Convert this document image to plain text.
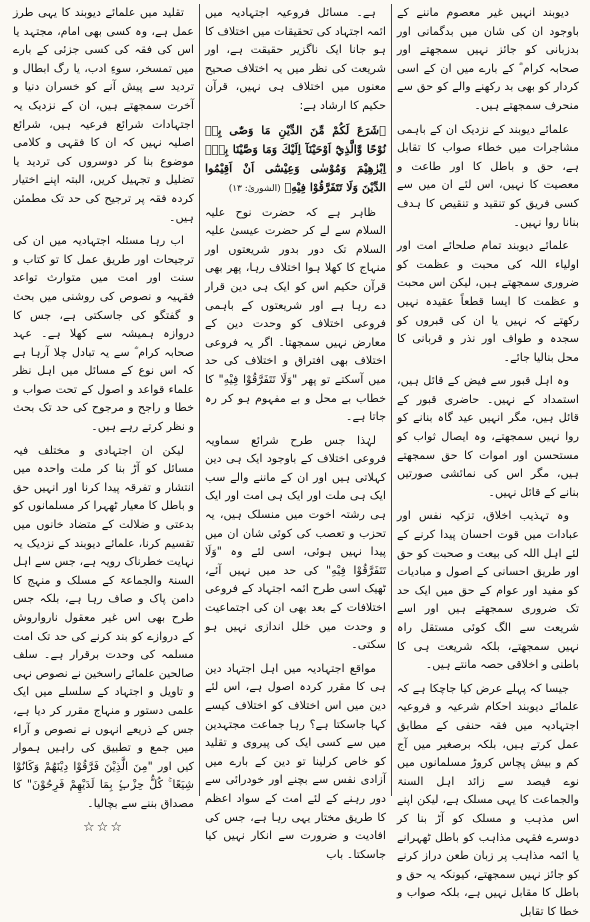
دیوبند انہیں غیر معصوم ماننے کے باوجود ان کی شان میں بدگمانی اور بدزبانی کو جائز نہیں سمجھتے اور صحابہ کرام ؓ کے بارے میں ان کے اسی کردار کو بھی بد رکھنے والے کو حق سے منحرف سمجھتے ہیں۔

علمائے دیوبند کے نزدیک ان کے باہمی مشاجرات میں خطاء صواب کا تقابل ہے، حق و باطل کا اور طاعت و معصیت کا نہیں، اس لئے ان میں سے کسی فریق کو تنقید و تنقیص کا ہدف بنانا روا نہیں۔

علمائے دیوبند تمام صلحائے امت اور اولیاء اللہ کی محبت و عظمت کو ضروری سمجھتے ہیں، لیکن اس محبت و عظمت کا ایسا قطعاً عقیدہ نہیں رکھتے کہ نہیں یا ان کی قبروں کو سجدہ و طواف اور نذر و قربانی کا محل بنالیا جائے۔

وہ اہل قبور سے فیض کے قائل ہیں، استمداد کے نہیں۔ حاضری قبور کے قائل ہیں، مگر انہیں عید گاہ بنانے کو روا نہیں سمجھتے، وہ ایصال ثواب کو مستحسن اور اموات کا حق سمجھتے ہیں، مگر اس کی نمائشی صورتیں بنانے کے قائل نہیں۔

وہ تہذیب اخلاق، تزکیہ نفس اور عبادات میں قوت احسان پیدا کرنے کے لئے اہل اللہ کی بیعت و صحبت کو حق اور طریق احسانی کے اصول و مبادیات کو مفید اور عوام کے حق میں ایک حد تک ضروری سمجھتے ہیں اور اسے شریعت سے الگ کوئی مستقل راہ نہیں سمجھتے، بلکہ شریعت ہی کا باطنی و اخلاقی حصہ مانتے ہیں۔

جیسا کہ پہلے عرض کیا جاچکا ہے کہ علمائے دیوبند احکام شرعیہ و فروعیہ اجتہادیہ میں فقہ حنفی کے مطابق عمل کرتے ہیں، بلکہ برصغیر میں آج کم و بیش پچاس کروڑ مسلمانوں میں نوے فیصد سے زائد اہل السنۃ والجماعت کا یہی مسلک ہے، لیکن اپنے اس مذہب و مسلک کو آڑ بنا کر دوسرے فقہی مذاہب کو باطل ٹھہرانے یا ائمہ مذاہب پر زبان طعن دراز کرنے کو جائز نہیں سمجھتے، کیونکہ یہ حق و باطل کا مقابل نہیں ہے، بلکہ صواب و خطا کا تقابل

ہے۔ مسائل فروعیہ اجتہادیہ میں ائمہ اجتہاد کی تحقیقات میں اختلاف کا ہو جانا ایک ناگزیر حقیقت ہے، اور شریعت کی نظر میں یہ اختلاف صحیح معنوں میں اختلاف ہی نہیں، قرآن حکیم کا ارشاد ہے:

﴿شَرَعَ لَكُمْ مِّنَ الدِّيْنِ مَا وَصّٰى بِهٖ نُوْحًا وَّالَّذِيْٓ اَوْحَيْنَآ اِلَيْكَ وَمَا وَصَّيْنَا بِهٖٓ اِبْرٰهِيْمَ وَمُوْسٰى وَعِيْسٰٓى اَنْ اَقِيْمُوا الدِّيْنَ وَلَا تَتَفَرَّقُوْا فِيْهِ﴾ (الشوریٰ: ۱۳)

ظاہر ہے کہ حضرت نوح علیہ السلام سے لے کر حضرت عیسیٰ علیہ السلام تک دور بدور شریعتوں اور منہاج کا کھلا ہوا اختلاف رہا، پھر بھی قرآن حکیم اس کو ایک ہی دین قرار دے رہا ہے اور شریعتوں کے باہمی فروعی اختلاف کو وحدت دین کے معارض نہیں سمجھتا۔ اگر یہ فروعی اختلاف بھی افتراق و اختلاف کی حد میں آسکتے تو پھر "وَلَا تَتَفَرَّقُوْا فِيْهِ" کا خطاب بے محل و بے مفہوم ہو کر رہ جاتا ہے۔

لہٰذا جس طرح شرائع سماویہ فروعی اختلاف کے باوجود ایک ہی دین کہلاتی ہیں اور ان کے ماننے والے سب ایک ہی ملت اور ایک ہی امت اور ایک ہی رشتہ اخوت میں منسلک ہیں، یہ تحزب و تعصب کی کوئی شان ان میں پیدا نہیں ہوئی، اسی لئے وہ "وَلَا تَتَفَرَّقُوْا فِيْهِ" کی حد میں نہیں آئے، ٹھیک اسی طرح ائمہ اجتہاد کے فروعی اختلافات کے بعد بھی ان کی اجتماعیت و وحدت میں خلل اندازی نہیں ہو سکتی۔

مواقع اجتہادیہ میں اہل اجتہاد دین ہی کا مقرر کردہ اصول ہے، اس لئے دین میں اس اختلاف کو اختلاف کیسے کہا جاسکتا ہے؟ رہا جماعت مجتہدین میں سے کسی ایک کی پیروی و تقلید کو خاص کرلینا تو دین کے بارے میں آزادی نفس سے بچنے اور خودرائی سے دور رہنے کے لئے امت کے سواد اعظم کا طریق مختار یہی رہا ہے، جس کی افادیت و ضرورت سے انکار نہیں کیا جاسکتا۔ باب

تقلید میں علمائے دیوبند کا یہی طرز عمل ہے، وہ کسی بھی امام، مجتہد یا اس کی فقہ کی کسی جزئی کے بارے میں تمسخر، سوءِ ادب، یا رگ ابطال و تردید سے پیش آنے کو خسران دنیا و آخرت سمجھتے ہیں، ان کے نزدیک یہ اجتہادات شرائع فرعیہ ہیں، شرائع اصلیہ نہیں کہ ان کا فقہی و کلامی موضوع بنا کر دوسروں کی تردید یا تضلیل و تجہیل کریں، البتہ اپنے اختیار کردہ فقہ پر ترجیح کی حد تک مطمئن ہیں۔

اب رہا مسئلہ اجتہادیہ میں ان کی ترجیحات اور طریق عمل کا تو کتاب و سنت اور امت میں متوارث تواعد فقہیہ و نصوص کی روشنی میں بحث و گفتگو کی جاسکتی ہے، جس کا دروازہ ہمیشہ سے کھلا ہے۔ عہد صحابہ کرام ؓ سے یہ تبادل چلا آرہا ہے کہ اس نوع کے مسائل میں اہل نظر علماء قواعد و اصول کے تحت صواب و خطا و راجح و مرجوح کی حد تک بحث و نظر کرتے رہے ہیں۔

لیکن ان اجتہادی و مختلف فیہ مسائل کو آڑ بنا کر ملت واحدہ میں انتشار و تفرقہ پیدا کرنا اور انہیں حق و باطل کا معیار ٹھہرا کر مسلمانوں کو بدعتی و ضلالت کے متضاد خانوں میں تقسیم کرنا، علمائے دیوبند کے نزدیک یہ نہایت خطرناک رویہ ہے، جس سے اہل السنۃ والجماعۃ کے مسلک و منہج کا دامن پاک و صاف رہا ہے، بلکہ جس طرح بھی اس غیر معقول نارواروش کے دروازے کو بند کرنے کی حد تک امت مسلمہ کی وحدت برقرار ہے۔ سلف صالحین علمائے راسخین نے نصوص نہی و تاویل و اجتہاد کے سلسلے میں ایک علمی دستور و منہاج مقرر کر دیا ہے، جس کے ذریعے انہوں نے نصوص و آراء میں جمع و تطبیق کی راہیں ہموار کیں اور "مِنَ الَّذِيْنَ فَرَّقُوْا دِيْنَهُمْ وَكَانُوْا شِيَعًا ۚ كُلُّ حِزْبٍۢ بِمَا لَدَيْهِمْ فَرِحُوْنَ" کا مصداق بننے سے بچالیا۔

☆☆☆
